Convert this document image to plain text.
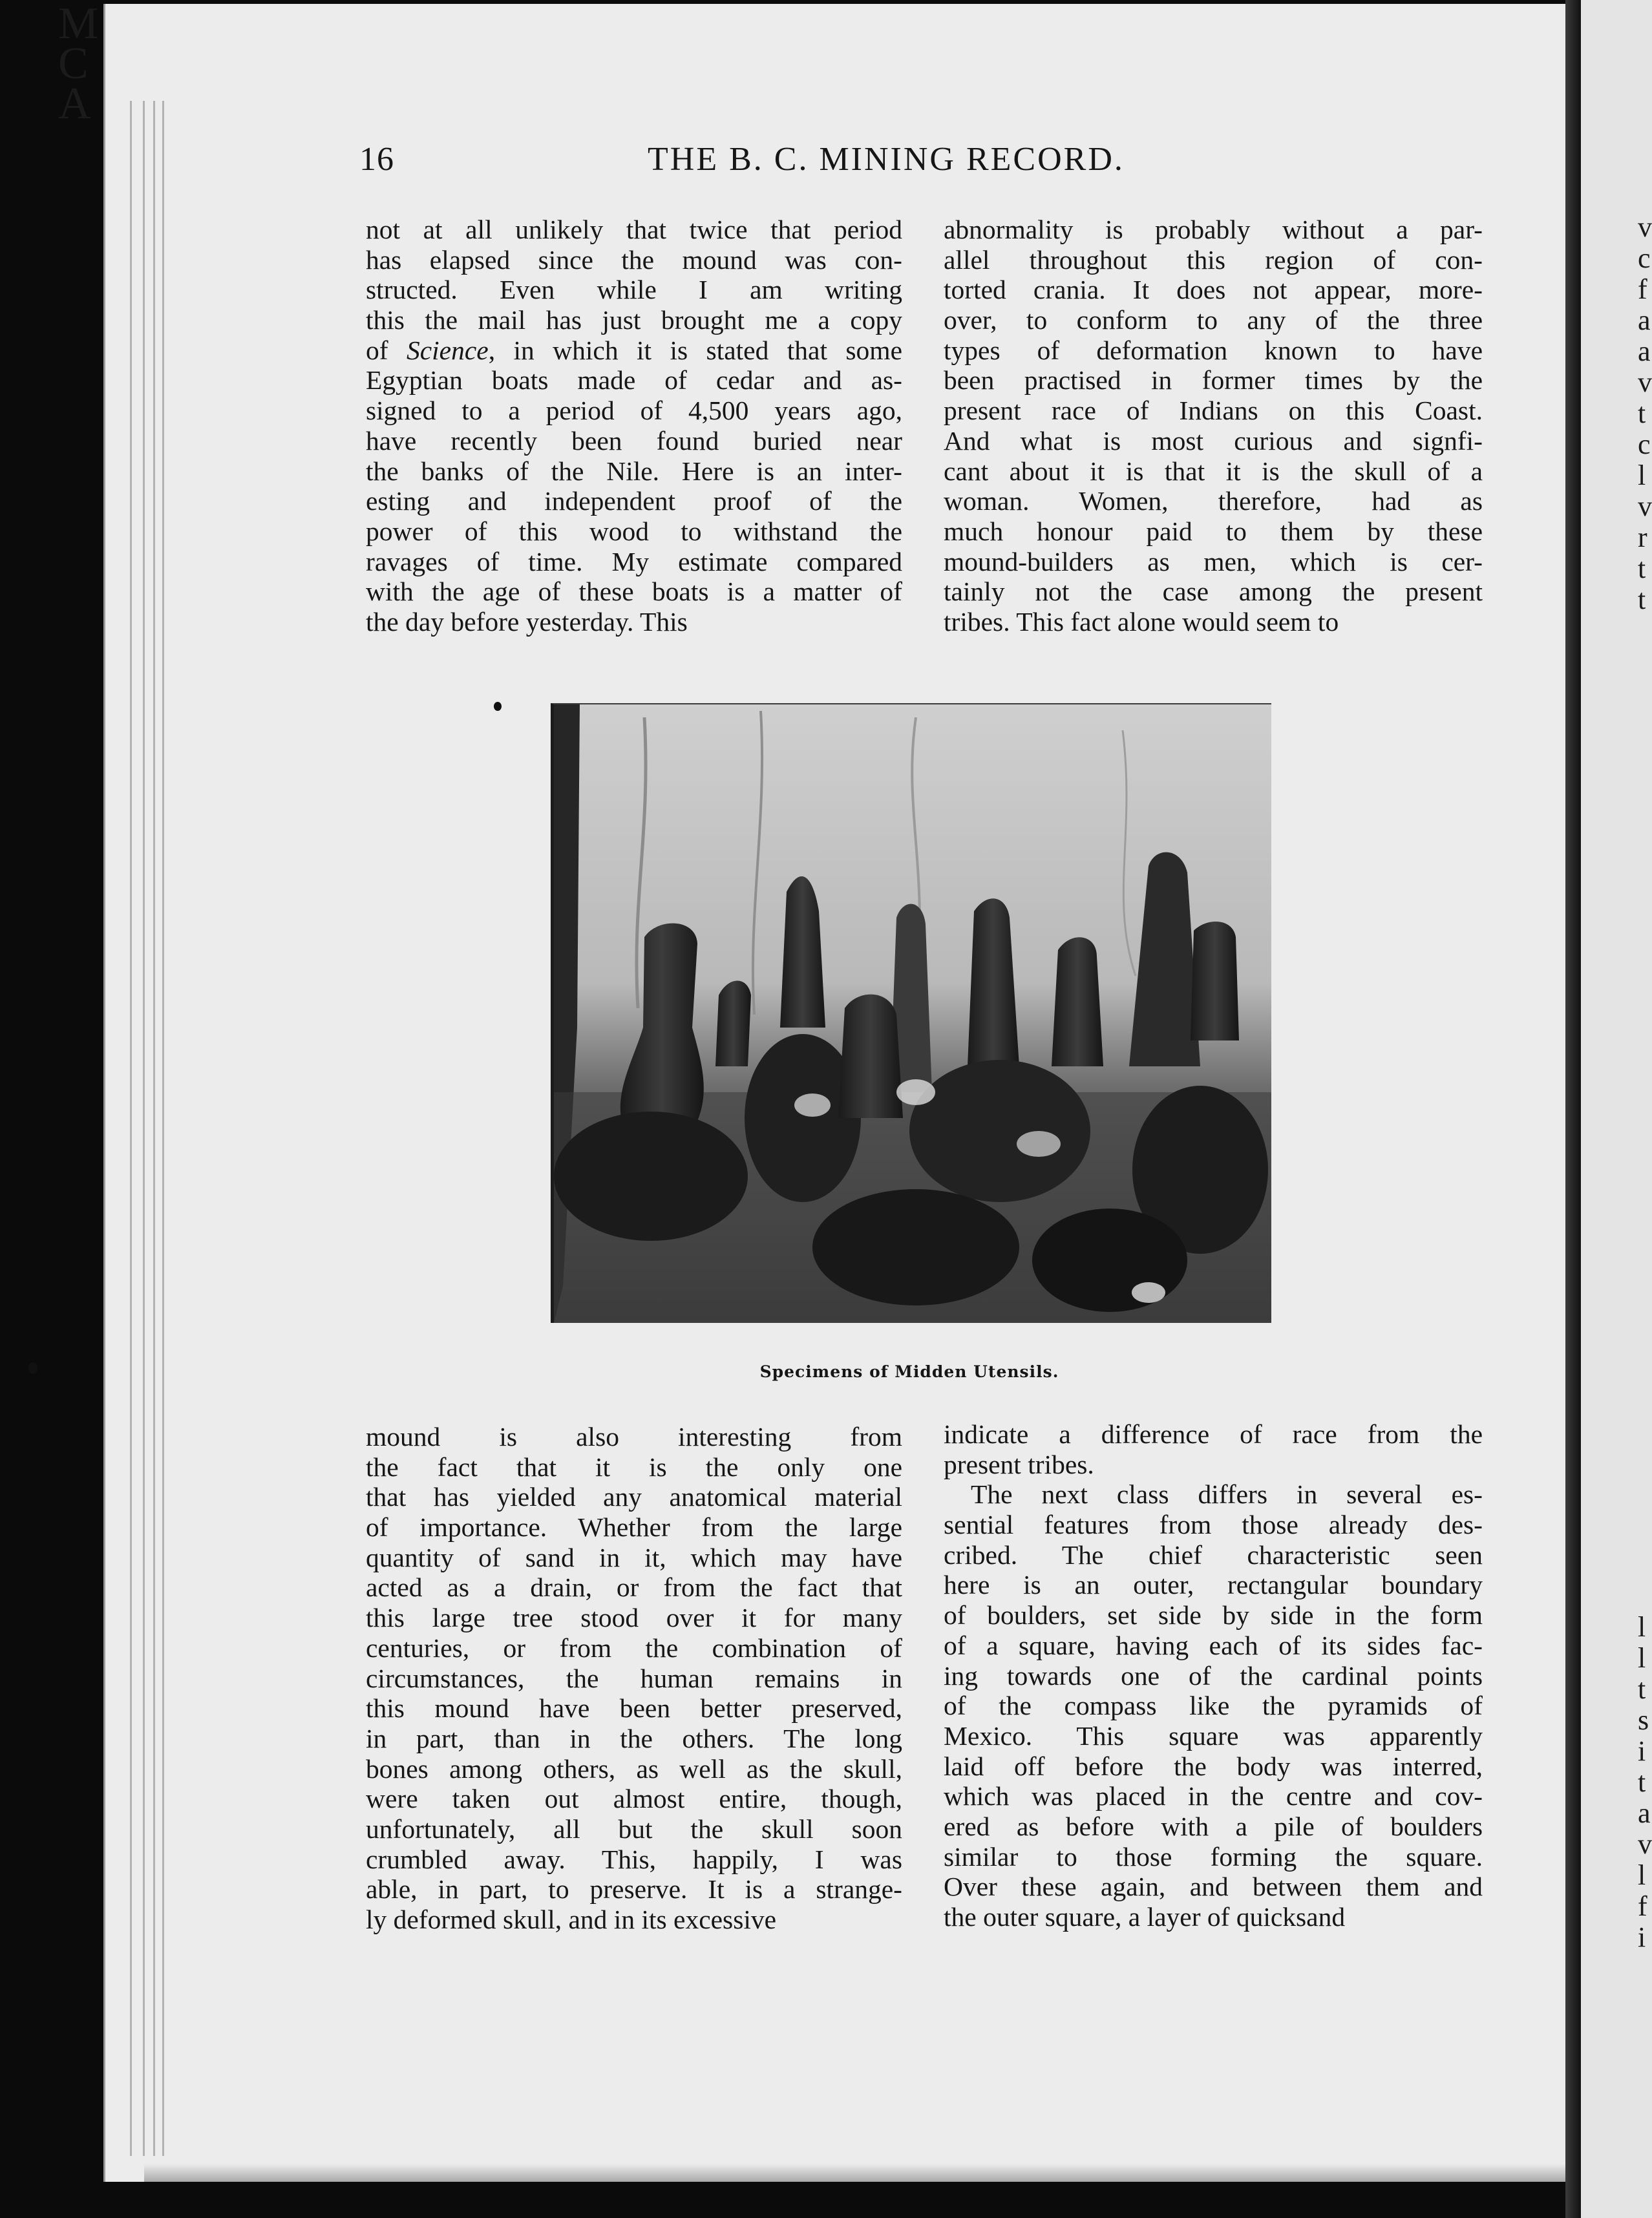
M
C
A
v
c
f
a
a
v
t
c
l
v
r
t
t
l
l
t
s
i
t
a
v
l
f
i
16	THE B. C. MINING RECORD.
not at all unlikely that twice that period
has elapsed since the mound was con-
structed. Even while I am writing
this the mail has just brought me a copy
of Science, in which it is stated that some
Egyptian boats made of cedar and as-
signed to a period of 4,500 years ago,
have recently been found buried near
the banks of the Nile. Here is an inter-
esting and independent proof of the
power of this wood to withstand the
ravages of time. My estimate compared
with the age of these boats is a matter of
the day before yesterday. This
abnormality is probably without a par-
allel throughout this region of con-
torted crania. It does not appear, more-
over, to conform to any of the three
types of deformation known to have
been practised in former times by the
present race of Indians on this Coast.
And what is most curious and signfi-
cant about it is that it is the skull of a
woman. Women, therefore, had as
much honour paid to them by these
mound-builders as men, which is cer-
tainly not the case among the present
tribes. This fact alone would seem to
Specimens of Midden Utensils.
mound is also interesting from
the fact that it is the only one
that has yielded any anatomical material
of importance. Whether from the large
quantity of sand in it, which may have
acted as a drain, or from the fact that
this large tree stood over it for many
centuries, or from the combination of
circumstances, the human remains in
this mound have been better preserved,
in part, than in the others. The long
bones among others, as well as the skull,
were taken out almost entire, though,
unfortunately, all but the skull soon
crumbled away. This, happily, I was
able, in part, to preserve. It is a strange-
ly deformed skull, and in its excessive
indicate a difference of race from the
present tribes.
The next class differs in several es-
sential features from those already des-
cribed. The chief characteristic seen
here is an outer, rectangular boundary
of boulders, set side by side in the form
of a square, having each of its sides fac-
ing towards one of the cardinal points
of the compass like the pyramids of
Mexico. This square was apparently
laid off before the body was interred,
which was placed in the centre and cov-
ered as before with a pile of boulders
similar to those forming the square.
Over these again, and between them and
the outer square, a layer of quicksand
